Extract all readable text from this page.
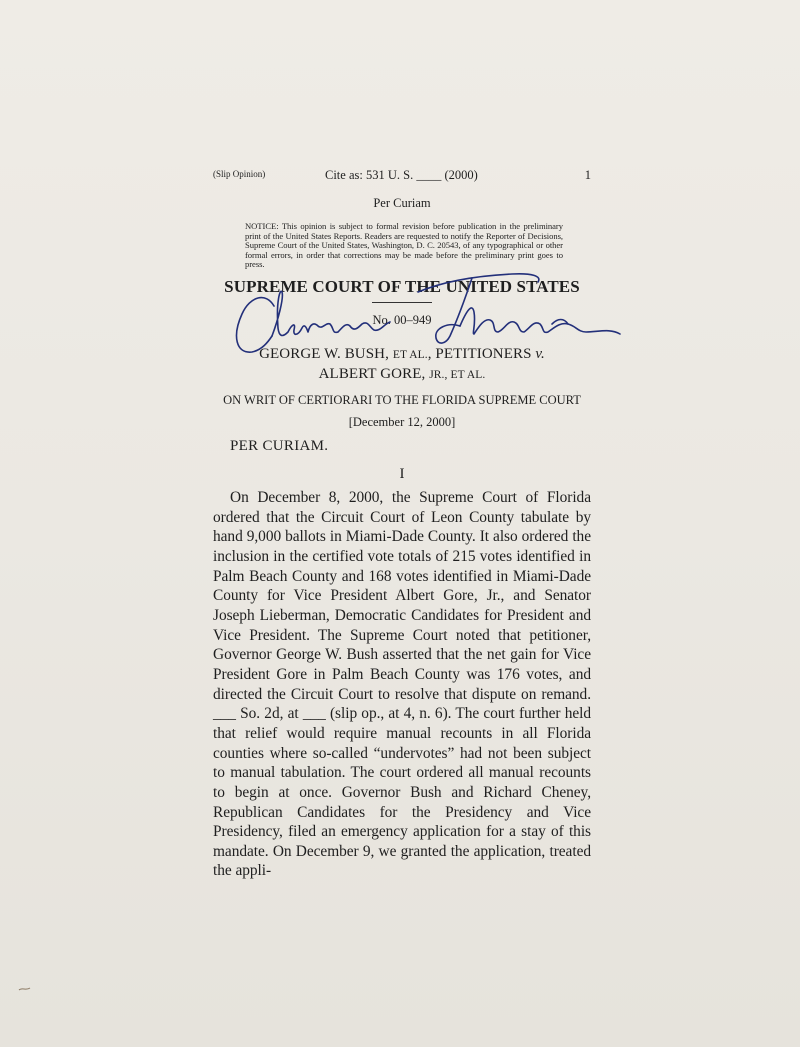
(Slip Opinion)	Cite as: 531 U. S. ____ (2000)	1
Per Curiam
NOTICE: This opinion is subject to formal revision before publication in the preliminary print of the United States Reports. Readers are requested to notify the Reporter of Decisions, Supreme Court of the United States, Washington, D. C. 20543, of any typographical or other formal errors, in order that corrections may be made before the preliminary print goes to press.
SUPREME COURT OF THE UNITED STATES
No. 00–949
GEORGE W. BUSH, ET AL., PETITIONERS v.
ALBERT GORE, JR., ET AL.
ON WRIT OF CERTIORARI TO THE FLORIDA SUPREME COURT
[December 12, 2000]
PER CURIAM.
I

On December 8, 2000, the Supreme Court of Florida ordered that the Circuit Court of Leon County tabulate by hand 9,000 ballots in Miami-Dade County. It also ordered the inclusion in the certified vote totals of 215 votes identified in Palm Beach County and 168 votes identified in Miami-Dade County for Vice President Albert Gore, Jr., and Senator Joseph Lieberman, Democratic Candidates for President and Vice President. The Supreme Court noted that petitioner, Governor George W. Bush asserted that the net gain for Vice President Gore in Palm Beach County was 176 votes, and directed the Circuit Court to resolve that dispute on remand. ___ So. 2d, at ___ (slip op., at 4, n. 6). The court further held that relief would require manual recounts in all Florida counties where so-called “undervotes” had not been subject to manual tabulation. The court ordered all manual recounts to begin at once. Governor Bush and Richard Cheney, Republican Candidates for the Presidency and Vice Presidency, filed an emergency application for a stay of this mandate. On December 9, we granted the application, treated the appli-
